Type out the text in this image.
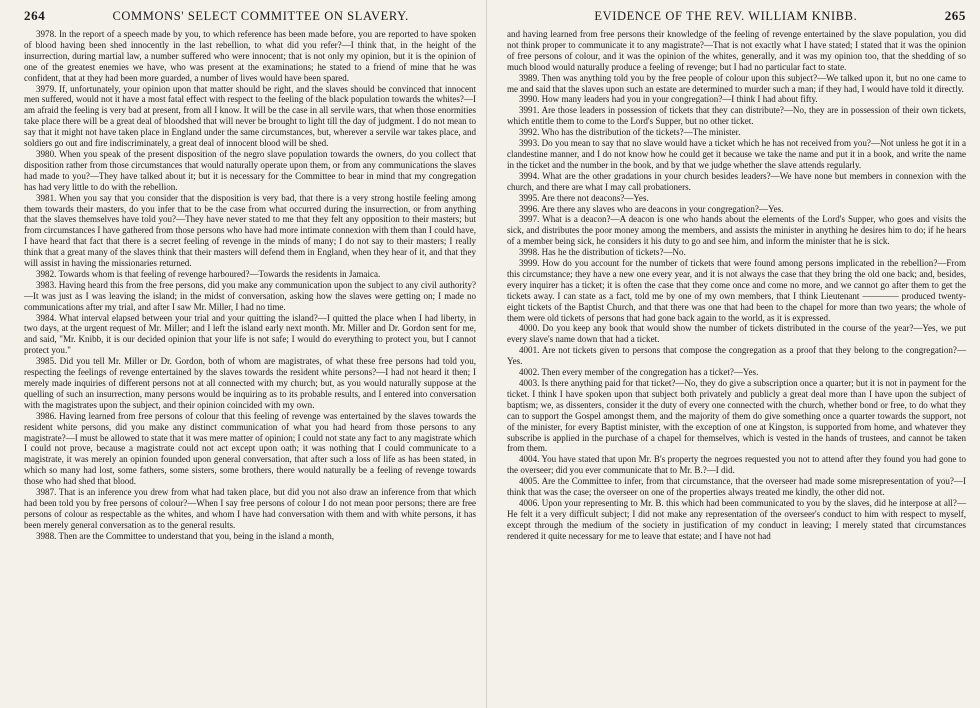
264	COMMONS' SELECT COMMITTEE ON SLAVERY.

3978. In the report of a speech made by you, to which reference has been made before, you are reported to have spoken of blood having been shed innocently in the last rebellion, to what did you refer?—I think that, in the height of the insurrection, during martial law, a number suffered who were innocent; that is not only my opinion, but it is the opinion of one of the greatest enemies we have, who was present at the examinations; he stated to a friend of mine that he was confident, that at they had been more guarded, a number of lives would have been spared.

3979. If, unfortunately, your opinion upon that matter should be right, and the slaves should be convinced that innocent men suffered, would not it have a most fatal effect with respect to the feeling of the black population towards the whites?—I am afraid the feeling is very bad at present, from all I know. It will be the case in all servile wars, that when those enormities take place there will be a great deal of bloodshed that will never be brought to light till the day of judgment. I do not mean to say that it might not have taken place in England under the same circumstances, but, wherever a servile war takes place, and soldiers go out and fire indiscriminately, a great deal of innocent blood will be shed.

3980. When you speak of the present disposition of the negro slave population towards the owners, do you collect that disposition rather from those circumstances that would naturally operate upon them, or from any communications the slaves had made to you?—They have talked about it; but it is necessary for the Committee to bear in mind that my congregation has had very little to do with the rebellion.

3981. When you say that you consider that the disposition is very bad, that there is a very strong hostile feeling among them towards their masters, do you infer that to be the case from what occurred during the insurrection, or from anything that the slaves themselves have told you?—They have never stated to me that they felt any opposition to their masters; but from circumstances I have gathered from those persons who have had more intimate connexion with them than I could have, I have heard that fact that there is a secret feeling of revenge in the minds of many; I do not say to their masters; I really think that a great many of the slaves think that their masters will defend them in England, when they hear of it, and that they will assist in having the missionaries returned.

3982. Towards whom is that feeling of revenge harboured?—Towards the residents in Jamaica.

3983. Having heard this from the free persons, did you make any communication upon the subject to any civil authority?—It was just as I was leaving the island; in the midst of conversation, asking how the slaves were getting on; I made no communications after my trial, and after I saw Mr. Miller, I had no time.

3984. What interval elapsed between your trial and your quitting the island?—I quitted the place when I had liberty, in two days, at the urgent request of Mr. Miller; and I left the island early next month. Mr. Miller and Dr. Gordon sent for me, and said, "Mr. Knibb, it is our decided opinion that your life is not safe; I would do everything to protect you, but I cannot protect you."

3985. Did you tell Mr. Miller or Dr. Gordon, both of whom are magistrates, of what these free persons had told you, respecting the feelings of revenge entertained by the slaves towards the resident white persons?—I had not heard it then; I merely made inquiries of different persons not at all connected with my church; but, as you would naturally suppose at the quelling of such an insurrection, many persons would be inquiring as to its probable results, and I entered into conversation with the magistrates upon the subject, and their opinion coincided with my own.

3986. Having learned from free persons of colour that this feeling of revenge was entertained by the slaves towards the resident white persons, did you make any distinct communication of what you had heard from those persons to any magistrate?—I must be allowed to state that it was mere matter of opinion; I could not state any fact to any magistrate which I could not prove, because a magistrate could not act except upon oath; it was nothing that I could communicate to a magistrate, it was merely an opinion founded upon general conversation, that after such a loss of life as has been stated, in which so many had lost, some fathers, some sisters, some brothers, there would naturally be a feeling of revenge towards those who had shed that blood.

3987. That is an inference you drew from what had taken place, but did you not also draw an inference from that which had been told you by free persons of colour?—When I say free persons of colour I do not mean poor persons; there are free persons of colour as respectable as the whites, and whom I have had conversation with them and with white persons, it has been merely general conversation as to the general results.

3988. Then are the Committee to understand that you, being in the island a month,

EVIDENCE OF THE REV. WILLIAM KNIBB.	265

and having learned from free persons their knowledge of the feeling of revenge entertained by the slave population, you did not think proper to communicate it to any magistrate?—That is not exactly what I have stated; I stated that it was the opinion of free persons of colour, and it was the opinion of the whites, generally, and it was my opinion too, that the shedding of so much blood would naturally produce a feeling of revenge; but I had no particular fact to state.

3989. Then was anything told you by the free people of colour upon this subject?—We talked upon it, but no one came to me and said that the slaves upon such an estate are determined to murder such a man; if they had, I would have told it directly.

3990. How many leaders had you in your congregation?—I think I had about fifty.

3991. Are those leaders in possession of tickets that they can distribute?—No, they are in possession of their own tickets, which entitle them to come to the Lord's Supper, but no other ticket.

3992. Who has the distribution of the tickets?—The minister.

3993. Do you mean to say that no slave would have a ticket which he has not received from you?—Not unless he got it in a clandestine manner, and I do not know how he could get it because we take the name and put it in a book, and write the name in the ticket and the number in the book, and by that we judge whether the slave attends regularly.

3994. What are the other gradations in your church besides leaders?—We have none but members in connexion with the church, and there are what I may call probationers.

3995. Are there not deacons?—Yes.

3996. Are there any slaves who are deacons in your congregation?—Yes.

3997. What is a deacon?—A deacon is one who hands about the elements of the Lord's Supper, who goes and visits the sick, and distributes the poor money among the members, and assists the minister in anything he desires him to do; if he hears of a member being sick, he considers it his duty to go and see him, and inform the minister that he is sick.

3998. Has he the distribution of tickets?—No.

3999. How do you account for the number of tickets that were found among persons implicated in the rebellion?—From this circumstance; they have a new one every year, and it is not always the case that they bring the old one back; and, besides, every inquirer has a ticket; it is often the case that they come once and come no more, and we cannot go after them to get the tickets away. I can state as a fact, told me by one of my own members, that I think Lieutenant ———— produced twenty-eight tickets of the Baptist Church, and that there was one that had been to the chapel for more than two years; the whole of them were old tickets of persons that had gone back again to the world, as it is expressed.

4000. Do you keep any book that would show the number of tickets distributed in the course of the year?—Yes, we put every slave's name down that had a ticket.

4001. Are not tickets given to persons that compose the congregation as a proof that they belong to the congregation?—Yes.

4002. Then every member of the congregation has a ticket?—Yes.

4003. Is there anything paid for that ticket?—No, they do give a subscription once a quarter; but it is not in payment for the ticket. I think I have spoken upon that subject both privately and publicly a great deal more than I have upon the subject of baptism; we, as dissenters, consider it the duty of every one connected with the church, whether bond or free, to do what they can to support the Gospel amongst them, and the majority of them do give something once a quarter towards the support, not of the minister, for every Baptist minister, with the exception of one at Kingston, is supported from home, and whatever they subscribe is applied in the purchase of a chapel for themselves, which is vested in the hands of trustees, and cannot be taken from them.

4004. You have stated that upon Mr. B's property the negroes requested you not to attend after they found you had gone to the overseer; did you ever communicate that to Mr. B.?—I did.

4005. Are the Committee to infer, from that circumstance, that the overseer had made some misrepresentation of you?—I think that was the case; the overseer on one of the properties always treated me kindly, the other did not.

4006. Upon your representing to Mr. B. this which had been communicated to you by the slaves, did he interpose at all?—He felt it a very difficult subject; I did not make any representation of the overseer's conduct to him with respect to myself, except through the medium of the society in justification of my conduct in leaving; I merely stated that circumstances rendered it quite necessary for me to leave that estate; and I have not had
